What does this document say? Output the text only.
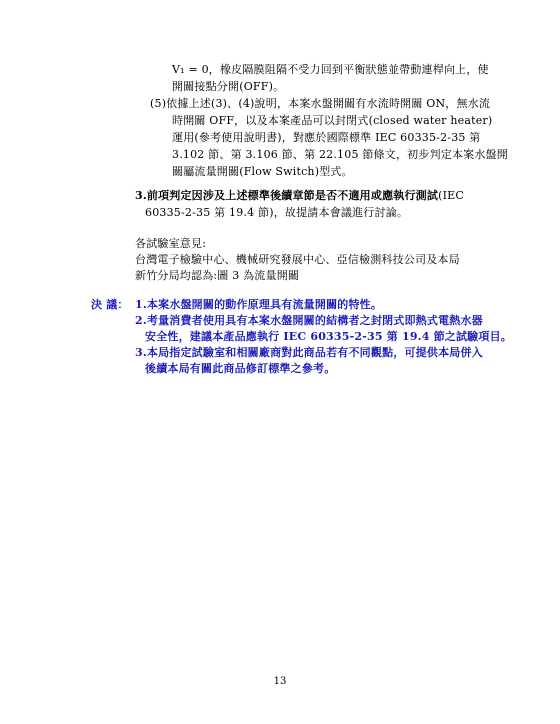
V₁ = 0，橡皮隔膜阻隔不受力回到平衡狀態並帶動連桿向上，使
開關接點分開(OFF)。
(5)依據上述(3)、(4)說明，本案水盤開關有水流時開關 ON，無水流
時開關 OFF，以及本案產品可以封閉式(closed water heater)
運用(參考使用說明書)，對應於國際標準 IEC 60335-2-35 第
3.102 節、第 3.106 節、第 22.105 節條文，初步判定本案水盤開
關屬流量開關(Flow Switch)型式。
3.前項判定因涉及上述標準後續章節是否不適用或應執行測試(IEC
60335-2-35 第 19.4 節)，故提請本會議進行討論。
各試驗室意見:
台灣電子檢驗中心、機械研究發展中心、亞信檢測科技公司及本局
新竹分局均認為:圖 3 為流量開關
決 議： 1.本案水盤開關的動作原理具有流量開關的特性。
2.考量消費者使用具有本案水盤開關的結構者之封閉式即熱式電熱水器
安全性，建議本產品應執行 IEC 60335-2-35 第 19.4 節之試驗項目。
3.本局指定試驗室和相關廠商對此商品若有不同觀點，可提供本局併入
後續本局有關此商品修訂標準之參考。
13
